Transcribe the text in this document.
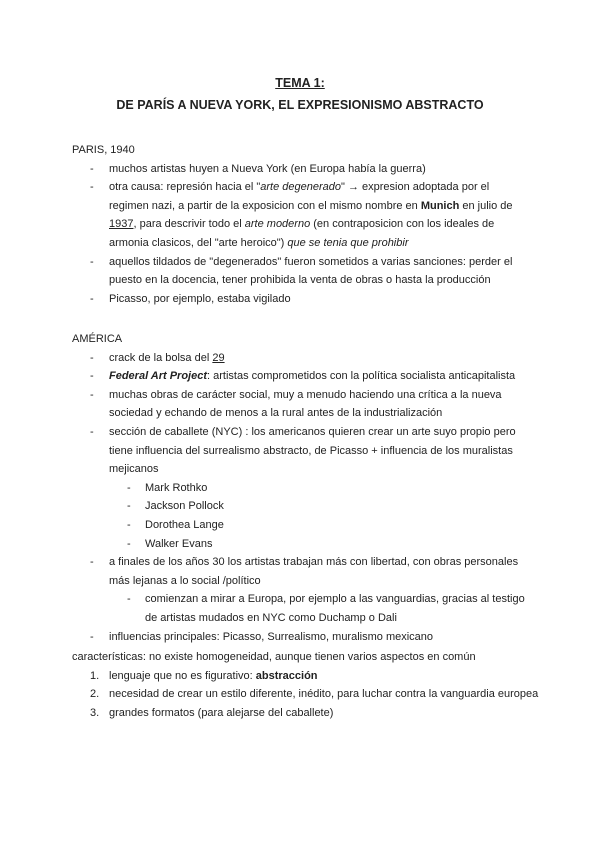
TEMA 1:
DE PARÍS A NUEVA YORK, EL EXPRESIONISMO ABSTRACTO

PARIS, 1940

- muchos artistas huyen a Nueva York (en Europa había la guerra)
- otra causa: represión hacia el "arte degenerado" → expresion adoptada por el regimen nazi, a partir de la exposicion con el mismo nombre en Munich en julio de 1937, para descrivir todo el arte moderno (en contraposicion con los ideales de armonia clasicos, del "arte heroico") que se tenia que prohibir
- aquellos tildados de "degenerados" fueron sometidos a varias sanciones: perder el puesto en la docencia, tener prohibida la venta de obras o hasta la producción
- Picasso, por ejemplo, estaba vigilado

AMÉRICA

- crack de la bolsa del 29
- Federal Art Project: artistas comprometidos con la política socialista anticapitalista
- muchas obras de carácter social, muy a menudo haciendo una crítica a la nueva sociedad y echando de menos a la rural antes de la industrialización
- sección de caballete (NYC) : los americanos quieren crear un arte suyo propio pero tiene influencia del surrealismo abstracto, de Picasso + influencia de los muralistas mejicanos
- Mark Rothko
- Jackson Pollock
- Dorothea Lange
- Walker Evans
- a finales de los años 30 los artistas trabajan más con libertad, con obras personales más lejanas a lo social /político
- comienzan a mirar a Europa, por ejemplo a las vanguardias, gracias al testigo de artistas mudados en NYC como Duchamp o Dali
- influencias principales: Picasso, Surrealismo, muralismo mexicano

características: no existe homogeneidad, aunque tienen varios aspectos en común

1. lenguaje que no es figurativo: abstracción
2. necesidad de crear un estilo diferente, inédito, para luchar contra la vanguardia europea
3. grandes formatos (para alejarse del caballete)
